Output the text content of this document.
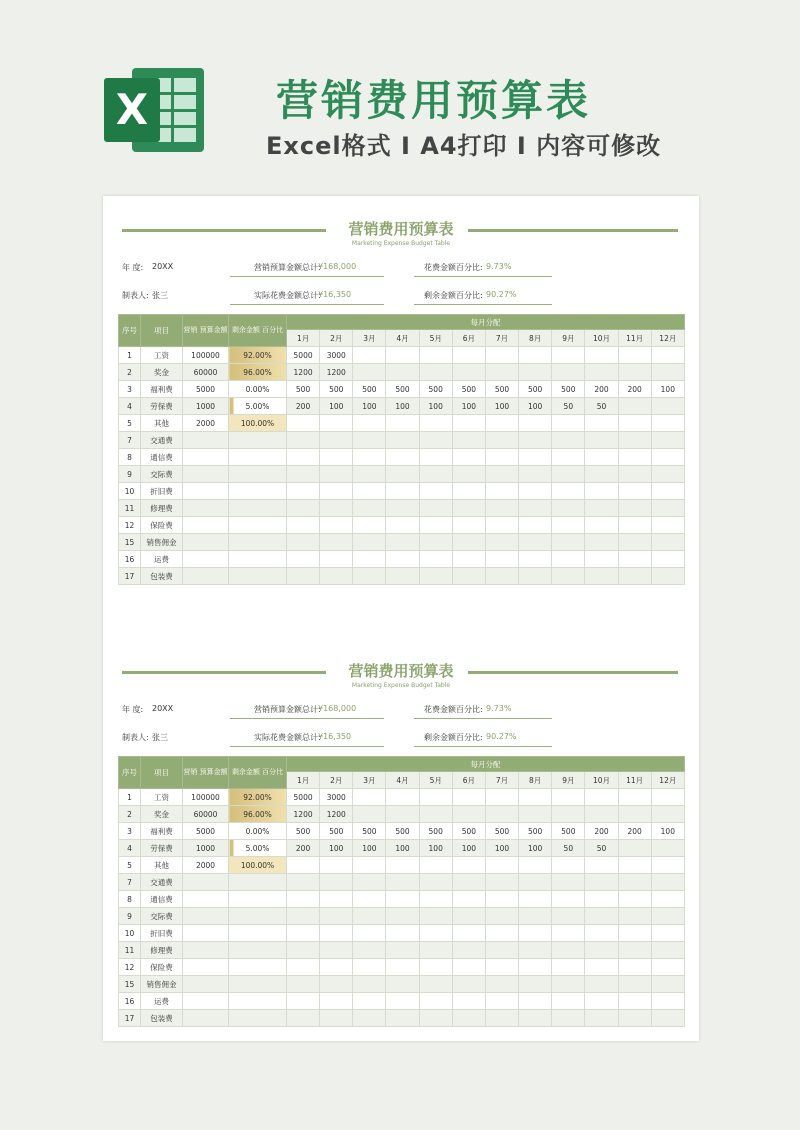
X	营销费用预算表
Excel格式 I A4打印 I 内容可修改
营销费用预算表
Marketing Expense Budget Table
年 度: 20XX	营销预算金额总计:
¥168,000	花费金额百分比: 9.73%
制表人: 张三	实际花费金额总计:
¥16,350	剩余金额百分比: 90.27%
序号	项目	营销 预算金额	剩余金额 百分比	每月分配											
				1月	2月	3月	4月	5月	6月	7月	8月	9月	10月	11月	12月
1	工资	100000	92.00%	5000	3000										
2	奖金	60000	96.00%	1200	1200										
3	福利费	5000	0.00%	500	500	500	500	500	500	500	500	500	200	200	100
4	劳保费	1000	5.00%	200	100	100	100	100	100	100	100	50	50		
5	其他	2000	100.00%												
7	交通费														
8	通信费														
9	交际费														
10	折旧费														
11	修理费														
12	保险费														
15	销售佣金														
16	运费														
17	包装费														
营销费用预算表
Marketing Expense Budget Table
年 度: 20XX	营销预算金额总计:
¥168,000	花费金额百分比: 9.73%
制表人: 张三	实际花费金额总计:
¥16,350	剩余金额百分比: 90.27%
序号	项目	营销 预算金额	剩余金额 百分比	每月分配											
				1月	2月	3月	4月	5月	6月	7月	8月	9月	10月	11月	12月
1	工资	100000	92.00%	5000	3000										
2	奖金	60000	96.00%	1200	1200										
3	福利费	5000	0.00%	500	500	500	500	500	500	500	500	500	200	200	100
4	劳保费	1000	5.00%	200	100	100	100	100	100	100	100	50	50		
5	其他	2000	100.00%												
7	交通费														
8	通信费														
9	交际费														
10	折旧费														
11	修理费														
12	保险费														
15	销售佣金														
16	运费														
17	包装费														
